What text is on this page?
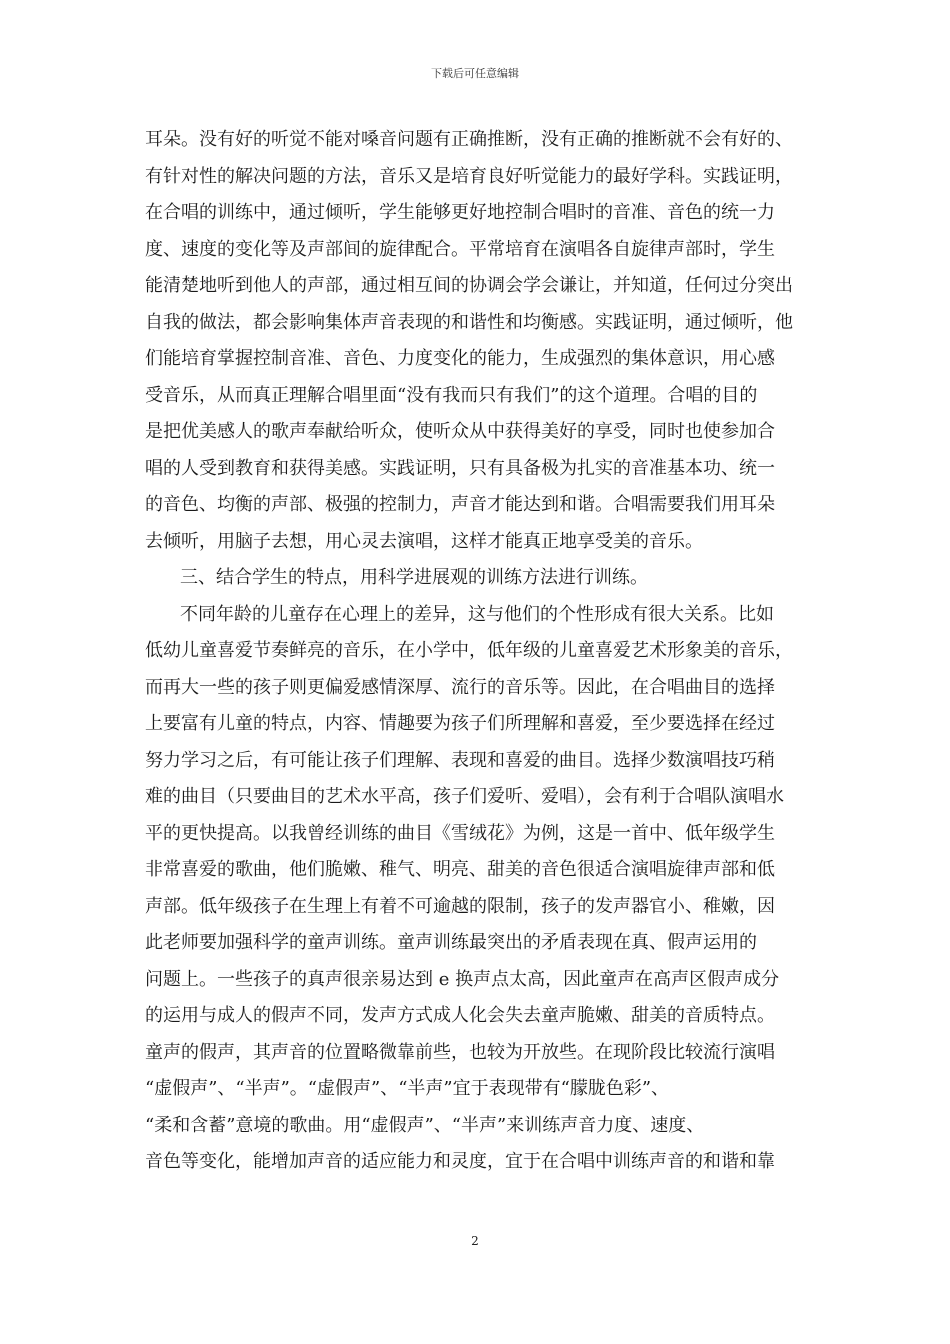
下载后可任意编辑
耳朵。没有好的听觉不能对嗓音问题有正确推断，没有正确的推断就不会有好的、
有针对性的解决问题的方法，音乐又是培育良好听觉能力的最好学科。实践证明，
在合唱的训练中，通过倾听，学生能够更好地控制合唱时的音准、音色的统一力
度、速度的变化等及声部间的旋律配合。平常培育在演唱各自旋律声部时，学生
能清楚地听到他人的声部，通过相互间的协调会学会谦让，并知道，任何过分突出
自我的做法，都会影响集体声音表现的和谐性和均衡感。实践证明，通过倾听，他
们能培育掌握控制音准、音色、力度变化的能力，生成强烈的集体意识，用心感
受音乐，从而真正理解合唱里面“没有我而只有我们”的这个道理。合唱的目的
是把优美感人的歌声奉献给听众，使听众从中获得美好的享受，同时也使参加合
唱的人受到教育和获得美感。实践证明，只有具备极为扎实的音准基本功、统一
的音色、均衡的声部、极强的控制力，声音才能达到和谐。合唱需要我们用耳朵
去倾听，用脑子去想，用心灵去演唱，这样才能真正地享受美的音乐。
三、结合学生的特点，用科学进展观的训练方法进行训练。
不同年龄的儿童存在心理上的差异，这与他们的个性形成有很大关系。比如
低幼儿童喜爱节奏鲜亮的音乐，在小学中，低年级的儿童喜爱艺术形象美的音乐，
而再大一些的孩子则更偏爱感情深厚、流行的音乐等。因此，在合唱曲目的选择
上要富有儿童的特点，内容、情趣要为孩子们所理解和喜爱，至少要选择在经过
努力学习之后，有可能让孩子们理解、表现和喜爱的曲目。选择少数演唱技巧稍
难的曲目（只要曲目的艺术水平高，孩子们爱听、爱唱），会有利于合唱队演唱水
平的更快提高。以我曾经训练的曲目《雪绒花》为例，这是一首中、低年级学生
非常喜爱的歌曲，他们脆嫩、稚气、明亮、甜美的音色很适合演唱旋律声部和低
声部。低年级孩子在生理上有着不可逾越的限制，孩子的发声器官小、稚嫩，因
此老师要加强科学的童声训练。童声训练最突出的矛盾表现在真、假声运用的
问题上。一些孩子的真声很亲易达到 e 换声点太高，因此童声在高声区假声成分
的运用与成人的假声不同，发声方式成人化会失去童声脆嫩、甜美的音质特点。
童声的假声，其声音的位置略微靠前些，也较为开放些。在现阶段比较流行演唱
“虚假声”、“半声”。“虚假声”、“半声”宜于表现带有“朦胧色彩”、
“柔和含蓄”意境的歌曲。用“虚假声”、“半声”来训练声音力度、速度、
音色等变化，能增加声音的适应能力和灵度，宜于在合唱中训练声音的和谐和靠
2
